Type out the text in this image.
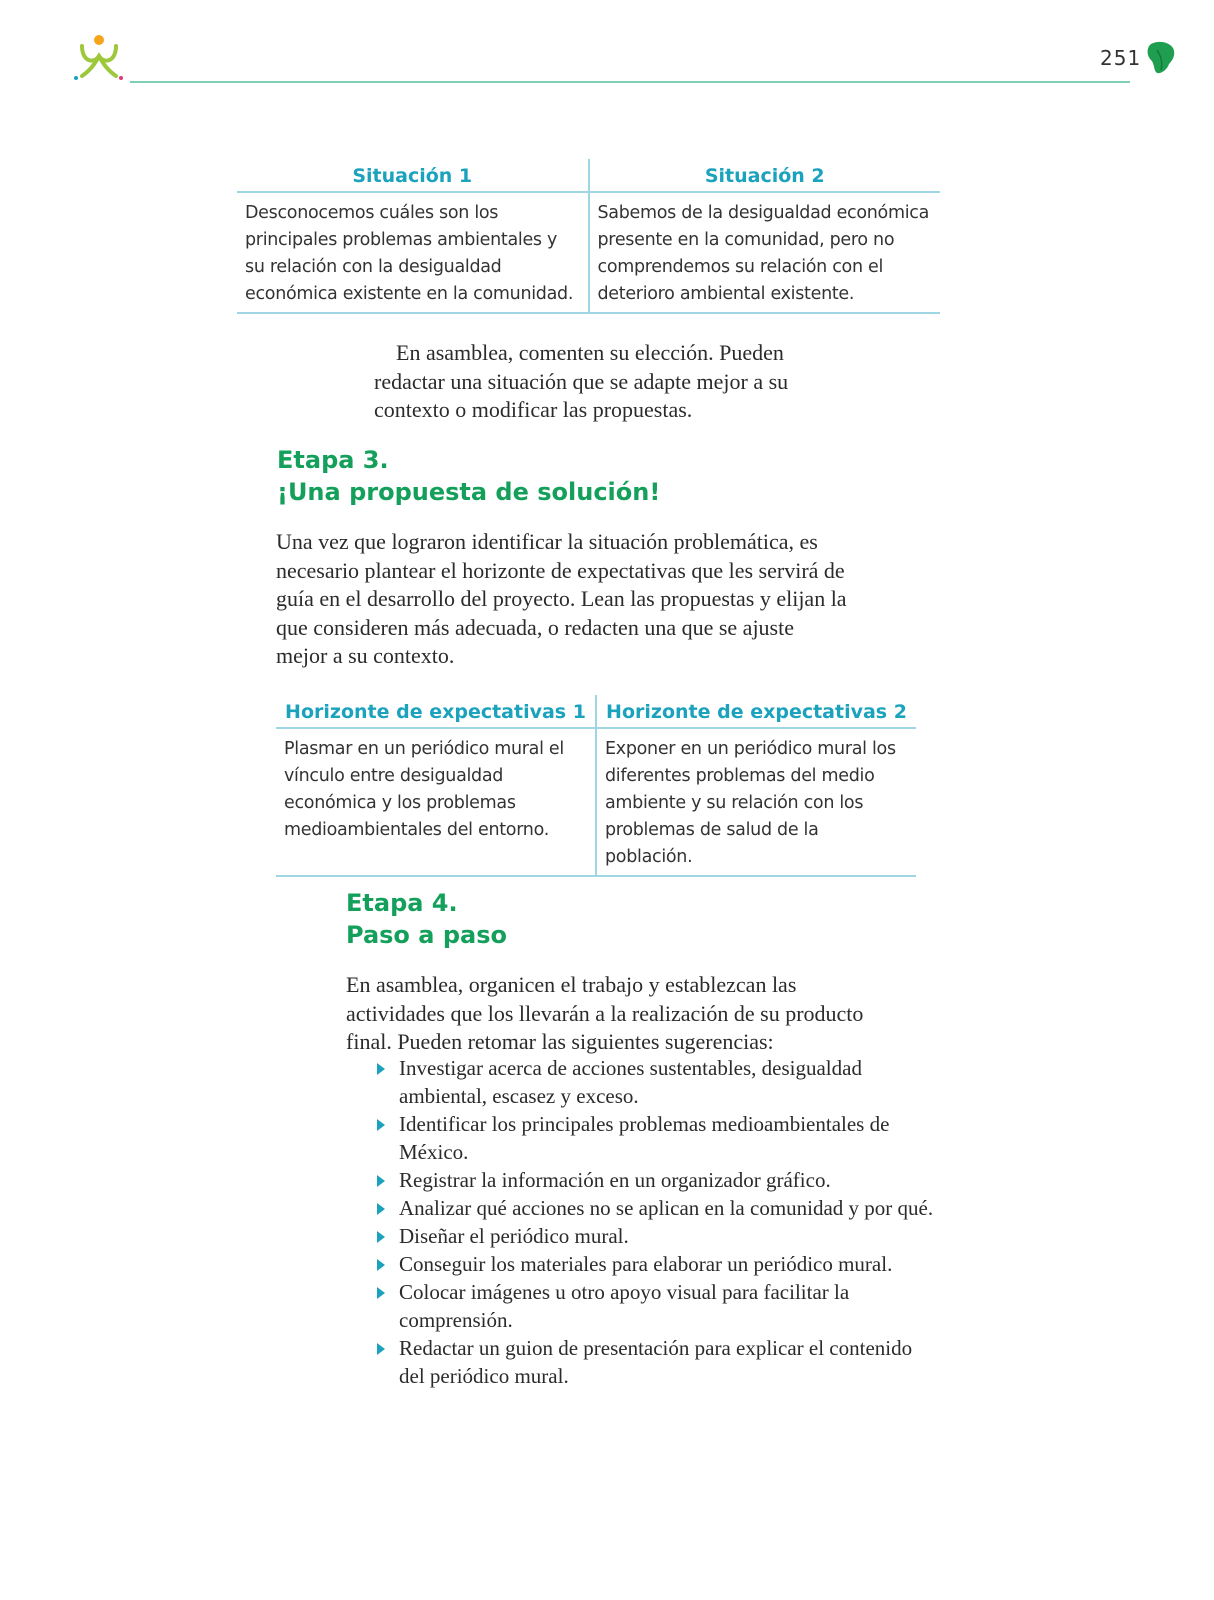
251
Situación 1	Situación 2
Desconocemos cuáles son los principales problemas ambientales y su relación con la desigualdad económica existente en la comunidad.	Sabemos de la desigualdad económica presente en la comunidad, pero no comprendemos su relación con el deterioro ambiental existente.

En asamblea, comenten su elección. Pueden redactar una situación que se adapte mejor a su contexto o modificar las propuestas.

Etapa 3.
¡Una propuesta de solución!

Una vez que lograron identificar la situación problemática, es necesario plantear el horizonte de expectativas que les servirá de guía en el desarrollo del proyecto. Lean las propuestas y elijan la que consideren más adecuada, o redacten una que se ajuste mejor a su contexto.

Horizonte de expectativas 1	Horizonte de expectativas 2
Plasmar en un periódico mural el vínculo entre desigualdad económica y los problemas medioambientales del entorno.	Exponer en un periódico mural los diferentes problemas del medio ambiente y su relación con los problemas de salud de la población.
Etapa 4.
Paso a paso

En asamblea, organicen el trabajo y establezcan las actividades que los llevarán a la realización de su producto final. Pueden retomar las siguientes sugerencias:

Investigar acerca de acciones sustentables, desigualdad ambiental, escasez y exceso.
Identificar los principales problemas medioambientales de México.
Registrar la información en un organizador gráfico.
Analizar qué acciones no se aplican en la comunidad y por qué.
Diseñar el periódico mural.
Conseguir los materiales para elaborar un periódico mural.
Colocar imágenes u otro apoyo visual para facilitar la comprensión.
Redactar un guion de presentación para explicar el contenido del periódico mural.
